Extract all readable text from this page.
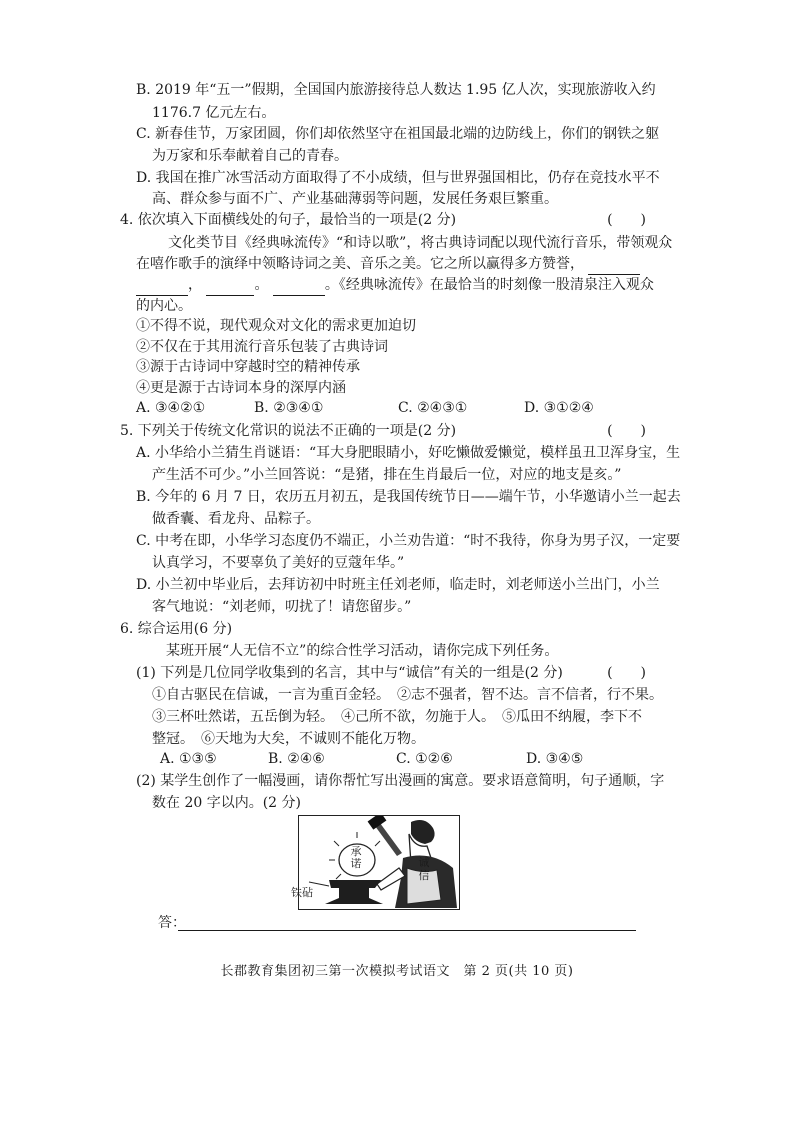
B. 2019 年“五一”假期，全国国内旅游接待总人数达 1.95 亿人次，实现旅游收入约
1176.7 亿元左右。
C. 新春佳节，万家团圆，你们却依然坚守在祖国最北端的边防线上，你们的钢铁之躯
为万家和乐奉献着自己的青春。
D. 我国在推广冰雪活动方面取得了不小成绩，但与世界强国相比，仍存在竞技水平不
高、群众参与面不广、产业基础薄弱等问题，发展任务艰巨繁重。
4. 依次填入下面横线处的句子，最恰当的一项是(2 分)	(　　)
文化类节目《经典咏流传》“和诗以歌”，将古典诗词配以现代流行音乐，带领观众
在嘻作歌手的演绎中领略诗词之美、音乐之美。它之所以赢得多方赞誉，
，	。	。《经典咏流传》在最恰当的时刻像一股清泉注入观众
的内心。
①不得不说，现代观众对文化的需求更加迫切
②不仅在于其用流行音乐包装了古典诗词
③源于古诗词中穿越时空的精神传承
④更是源于古诗词本身的深厚内涵
A. ③④②①	B. ②③④①	C. ②④③①	D. ③①②④
5. 下列关于传统文化常识的说法不正确的一项是(2 分)	(　　)
A. 小华给小兰猜生肖谜语：“耳大身肥眼睛小，好吃懒做爱懒觉，模样虽丑卫浑身宝，生
产生活不可少。”小兰回答说：“是猪，排在生肖最后一位，对应的地支是亥。”
B. 今年的 6 月 7 日，农历五月初五，是我国传统节日——端午节，小华邀请小兰一起去
做香囊、看龙舟、品粽子。
C. 中考在即，小华学习态度仍不端正，小兰劝告道：“时不我待，你身为男子汉，一定要
认真学习，不要辜负了美好的豆蔻年华。”
D. 小兰初中毕业后，去拜访初中时班主任刘老师，临走时，刘老师送小兰出门，小兰
客气地说：“刘老师，叨扰了！请您留步。”
6. 综合运用(6 分)
某班开展“人无信不立”的综合性学习活动，请你完成下列任务。
(1) 下列是几位同学收集到的名言，其中与“诚信”有关的一组是(2 分)	(　　)
①自古驱民在信诚，一言为重百金轻。　②志不强者，智不达。言不信者，行不果。
③三杯吐然诺，五岳倒为轻。　④己所不欲，勿施于人。　⑤瓜田不纳履，李下不
整冠。　⑥天地为大矣，不诚则不能化万物。
A. ①③⑤	B. ②④⑥	C. ①②⑥	D. ③④⑤
(2) 某学生创作了一幅漫画，请你帮忙写出漫画的寓意。要求语意简明，句子通顺，字
数在 20 字以内。(2 分)
承诺	诚信
铁砧
答：
长郡教育集团初三第一次模拟考试语文　第 2 页(共 10 页)
